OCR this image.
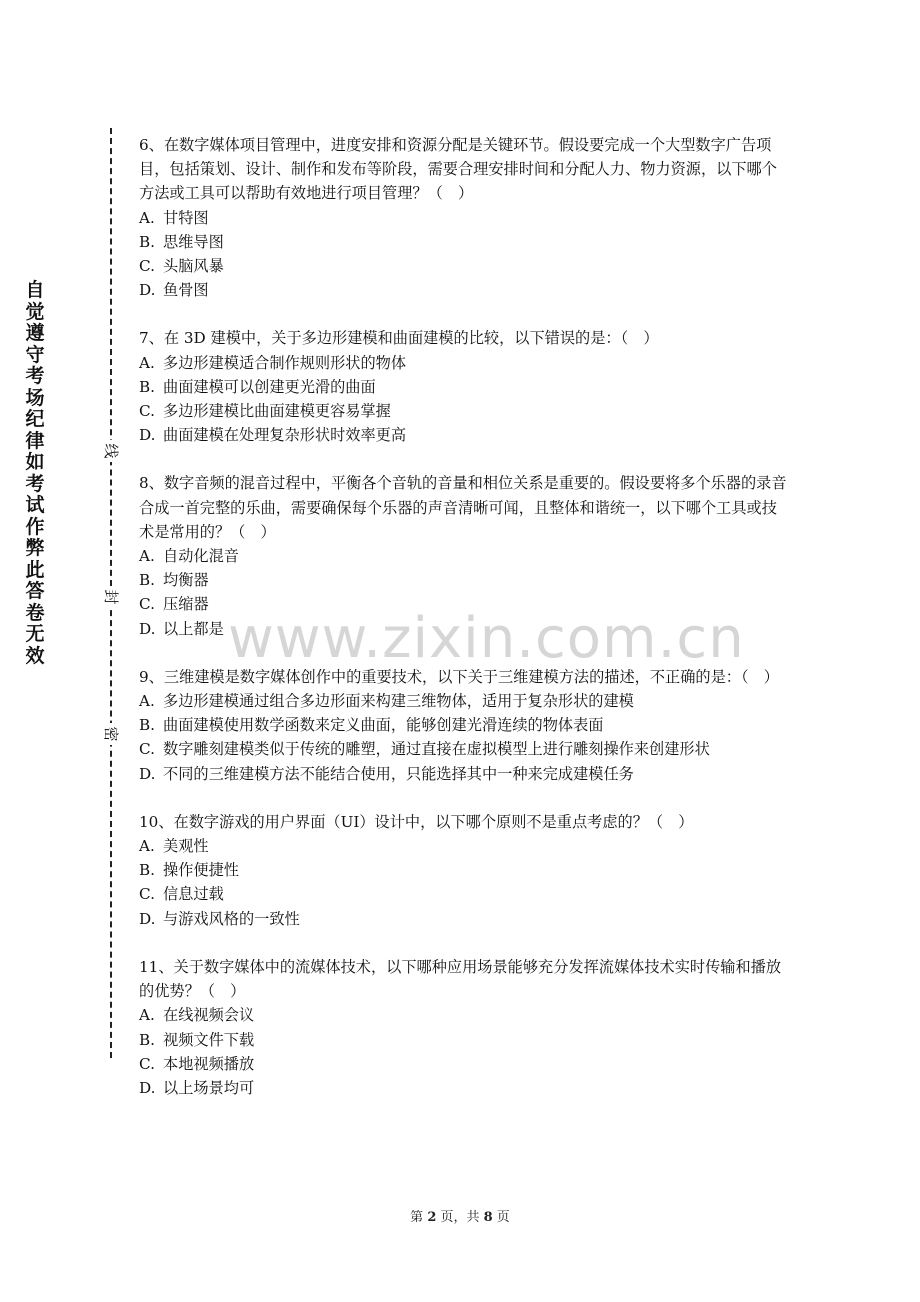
自
觉
遵
守
考
场
纪
律
如
考
试
作
弊
此
答
卷
无
效
线
封
密
www.zixin.com.cn

6、在数字媒体项目管理中，进度安排和资源分配是关键环节。假设要完成一个大型数字广告项目，包括策划、设计、制作和发布等阶段，需要合理安排时间和分配人力、物力资源，以下哪个方法或工具可以帮助有效地进行项目管理？（　）

A. 甘特图

B. 思维导图

C. 头脑风暴

D. 鱼骨图

7、在 3D 建模中，关于多边形建模和曲面建模的比较，以下错误的是：（　）

A. 多边形建模适合制作规则形状的物体

B. 曲面建模可以创建更光滑的曲面

C. 多边形建模比曲面建模更容易掌握

D. 曲面建模在处理复杂形状时效率更高

8、数字音频的混音过程中，平衡各个音轨的音量和相位关系是重要的。假设要将多个乐器的录音合成一首完整的乐曲，需要确保每个乐器的声音清晰可闻，且整体和谐统一，以下哪个工具或技术是常用的？（　）

A. 自动化混音

B. 均衡器

C. 压缩器

D. 以上都是

9、三维建模是数字媒体创作中的重要技术，以下关于三维建模方法的描述，不正确的是：（　）

A. 多边形建模通过组合多边形面来构建三维物体，适用于复杂形状的建模

B. 曲面建模使用数学函数来定义曲面，能够创建光滑连续的物体表面

C. 数字雕刻建模类似于传统的雕塑，通过直接在虚拟模型上进行雕刻操作来创建形状

D. 不同的三维建模方法不能结合使用，只能选择其中一种来完成建模任务

10、在数字游戏的用户界面（UI）设计中，以下哪个原则不是重点考虑的？（　）

A. 美观性

B. 操作便捷性

C. 信息过载

D. 与游戏风格的一致性

11、关于数字媒体中的流媒体技术，以下哪种应用场景能够充分发挥流媒体技术实时传输和播放的优势？（　）

A. 在线视频会议

B. 视频文件下载

C. 本地视频播放

D. 以上场景均可

第 2 页，共 8 页
